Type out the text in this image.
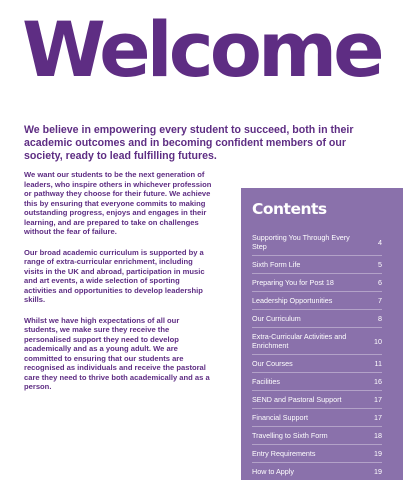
Welcome

We believe in empowering every student to succeed, both in their academic outcomes and in becoming confident members of our society, ready to lead fulfilling futures.

We want our students to be the next generation of leaders, who inspire others in whichever profession or pathway they choose for their future. We achieve this by ensuring that everyone commits to making outstanding progress, enjoys and engages in their learning, and are prepared to take on challenges without the fear of failure.

Our broad academic curriculum is supported by a range of extra-curricular enrichment, including visits in the UK and abroad, participation in music and art events, a wide selection of sporting activities and opportunities to develop leadership skills.

Whilst we have high expectations of all our students, we make sure they receive the personalised support they need to develop academically and as a young adult. We are committed to ensuring that our students are recognised as individuals and receive the pastoral care they need to thrive both academically and as a person.

Contents
Supporting You Through Every Step	4
Sixth Form Life	5
Preparing You for Post 18	6
Leadership Opportunities	7
Our Curriculum	8
Extra-Curricular Activities and Enrichment	10
Our Courses	11
Facilities	16
SEND and Pastoral Support	17
Financial Support	17
Travelling to Sixth Form	18
Entry Requirements	19
How to Apply	19
